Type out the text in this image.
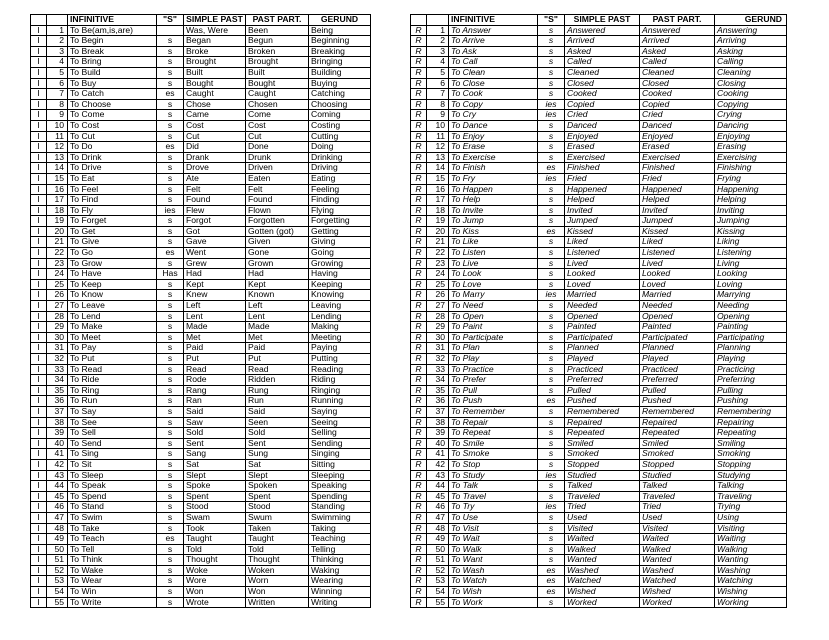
		INFINITIVE	"S"	SIMPLE PAST	PAST PART.	GERUND
I	1	To Be(am,is,are)		Was, Were	Been	Being
I	2	To Begin	s	Began	Begun	Beginning
I	3	To Break	s	Broke	Broken	Breaking
I	4	To Bring	s	Brought	Brought	Bringing
I	5	To Build	s	Built	Built	Building
I	6	To Buy	s	Bought	Bought	Buying
I	7	To Catch	es	Caught	Caught	Catching
I	8	To Choose	s	Chose	Chosen	Choosing
I	9	To Come	s	Came	Come	Coming
I	10	To Cost	s	Cost	Cost	Costing
I	11	To Cut	s	Cut	Cut	Cutting
I	12	To Do	es	Did	Done	Doing
I	13	To Drink	s	Drank	Drunk	Drinking
I	14	To Drive	s	Drove	Driven	Driving
I	15	To Eat	s	Ate	Eaten	Eating
I	16	To Feel	s	Felt	Felt	Feeling
I	17	To Find	s	Found	Found	Finding
I	18	To Fly	ies	Flew	Flown	Flying
I	19	To Forget	s	Forgot	Forgotten	Forgetting
I	20	To Get	s	Got	Gotten (got)	Getting
I	21	To Give	s	Gave	Given	Giving
I	22	To Go	es	Went	Gone	Going
I	23	To Grow	s	Grew	Grown	Growing
I	24	To Have	Has	Had	Had	Having
I	25	To Keep	s	Kept	Kept	Keeping
I	26	To Know	s	Knew	Known	Knowing
I	27	To Leave	s	Left	Left	Leaving
I	28	To Lend	s	Lent	Lent	Lending
I	29	To Make	s	Made	Made	Making
I	30	To Meet	s	Met	Met	Meeting
I	31	To Pay	s	Paid	Paid	Paying
I	32	To Put	s	Put	Put	Putting
I	33	To Read	s	Read	Read	Reading
I	34	To Ride	s	Rode	Ridden	Riding
I	35	To Ring	s	Rang	Rung	Ringing
I	36	To Run	s	Ran	Run	Running
I	37	To Say	s	Said	Said	Saying
I	38	To See	s	Saw	Seen	Seeing
I	39	To Sell	s	Sold	Sold	Selling
I	40	To Send	s	Sent	Sent	Sending
I	41	To Sing	s	Sang	Sung	Singing
I	42	To Sit	s	Sat	Sat	Sitting
I	43	To Sleep	s	Slept	Slept	Sleeping
I	44	To Speak	s	Spoke	Spoken	Speaking
I	45	To Spend	s	Spent	Spent	Spending
I	46	To Stand	s	Stood	Stood	Standing
I	47	To Swim	s	Swam	Swum	Swimming
I	48	To Take	s	Took	Taken	Taking
I	49	To Teach	es	Taught	Taught	Teaching
I	50	To Tell	s	Told	Told	Telling
I	51	To Think	s	Thought	Thought	Thinking
I	52	To Wake	s	Woke	Woken	Waking
I	53	To Wear	s	Wore	Worn	Wearing
I	54	To Win	s	Won	Won	Winning
I	55	To Write	s	Wrote	Written	Writing
		INFINITIVE	"S"	SIMPLE PAST	PAST PART.	GERUND
R	1	To Answer	s	Answered	Answered	Answering
R	2	To Arrive	s	Arrived	Arrived	Arriving
R	3	To Ask	s	Asked	Asked	Asking
R	4	To Call	s	Called	Called	Calling
R	5	To Clean	s	Cleaned	Cleaned	Cleaning
R	6	To Close	s	Closed	Closed	Closing
R	7	To Cook	s	Cooked	Cooked	Cooking
R	8	To Copy	ies	Copied	Copied	Copying
R	9	To Cry	ies	Cried	Cried	Crying
R	10	To Dance	s	Danced	Danced	Dancing
R	11	To Enjoy	s	Enjoyed	Enjoyed	Enjoying
R	12	To Erase	s	Erased	Erased	Erasing
R	13	To Exercise	s	Exercised	Exercised	Exercising
R	14	To Finish	es	Finished	Finished	Finishing
R	15	To Fry	ies	Fried	Fried	Frying
R	16	To Happen	s	Happened	Happened	Happening
R	17	To Help	s	Helped	Helped	Helping
R	18	To Invite	s	Invited	Invited	Inviting
R	19	To Jump	s	Jumped	Jumped	Jumping
R	20	To Kiss	es	Kissed	Kissed	Kissing
R	21	To Like	s	Liked	Liked	Liking
R	22	To Listen	s	Listened	Listened	Listening
R	23	To Live	s	Lived	Lived	Living
R	24	To Look	s	Looked	Looked	Looking
R	25	To Love	s	Loved	Loved	Loving
R	26	To Marry	ies	Married	Married	Marrying
R	27	To Need	s	Needed	Needed	Needing
R	28	To Open	s	Opened	Opened	Opening
R	29	To Paint	s	Painted	Painted	Painting
R	30	To Participate	s	Participated	Participated	Participating
R	31	To Plan	s	Planned	Planned	Planning
R	32	To Play	s	Played	Played	Playing
R	33	To Practice	s	Practiced	Practiced	Practicing
R	34	To Prefer	s	Preferred	Preferred	Preferring
R	35	To Pull	s	Pulled	Pulled	Pulling
R	36	To Push	es	Pushed	Pushed	Pushing
R	37	To Remember	s	Remembered	Remembered	Remembering
R	38	To Repair	s	Repaired	Repaired	Repairing
R	39	To Repeat	s	Repeated	Repeated	Repeating
R	40	To Smile	s	Smiled	Smiled	Smiling
R	41	To Smoke	s	Smoked	Smoked	Smoking
R	42	To Stop	s	Stopped	Stopped	Stopping
R	43	To Study	ies	Studied	Studied	Studying
R	44	To Talk	s	Talked	Talked	Talking
R	45	To Travel	s	Traveled	Traveled	Traveling
R	46	To Try	ies	Tried	Tried	Trying
R	47	To Use	s	Used	Used	Using
R	48	To Visit	s	Visited	Visited	Visiting
R	49	To Wait	s	Waited	Waited	Waiting
R	50	To Walk	s	Walked	Walked	Walking
R	51	To Want	s	Wanted	Wanted	Wanting
R	52	To Wash	es	Washed	Washed	Washing
R	53	To Watch	es	Watched	Watched	Watching
R	54	To Wish	es	Wished	Wished	Wishing
R	55	To Work	s	Worked	Worked	Working
